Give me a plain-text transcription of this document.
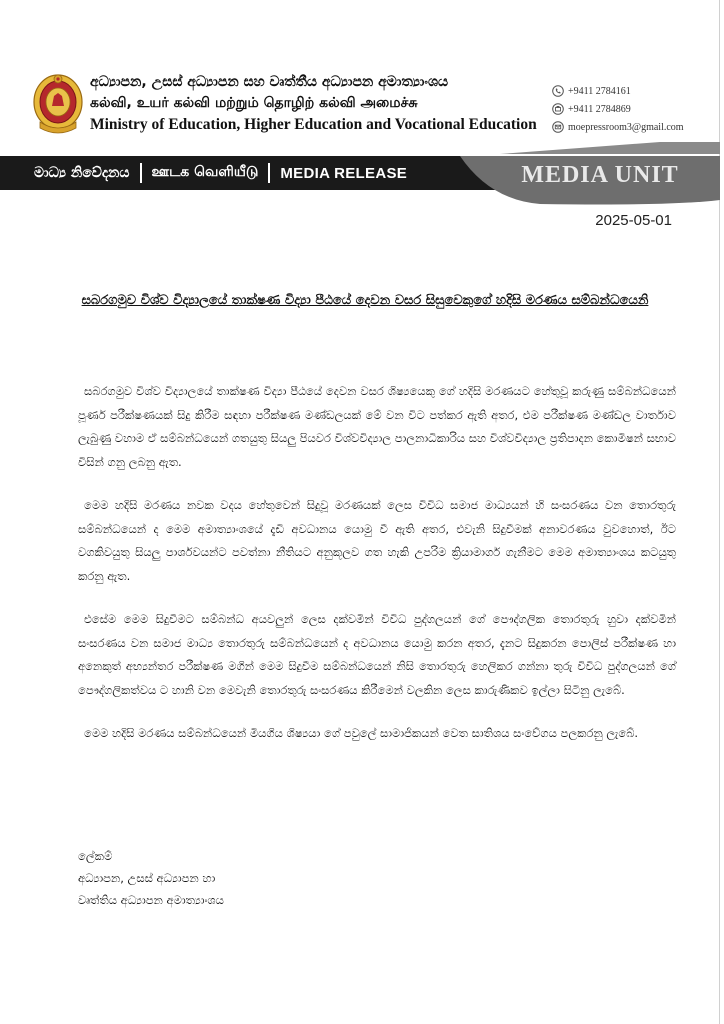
අධ්‍යාපන, උසස් අධ්‍යාපන සහ වෘත්තීය අධ්‍යාපන අමාත්‍යාංශය
கல்வி, உயர் கல்வி மற்றும் தொழிற் கல்வி அமைச்சு
Ministry of Education, Higher Education and Vocational Education
+9411 2784161
+9411 2784869
moepressroom3@gmail.com
මාධ්‍ය නිවේදනය ஊடக வெளியீடு MEDIA RELEASE	MEDIA UNIT
2025-05-01
සබරගමුව විශ්ව විද්‍යාලයේ තාක්ෂණ විද්‍යා පීඨයේ දෙවන වසර සිසුවෙකුගේ හදිසි මරණය සම්බන්ධයෙනි

සබරගමුව විශ්ව විද්‍යාලයේ තාක්ෂණ විද්‍යා පීඨයේ දෙවන වසර ශිෂ්‍යයෙකු ගේ හදිසි මරණයට හේතුවූ කරුණු සම්බන්ධයෙන් පූර්ණ පරීක්ෂණයක් සිදු කිරීම සඳහා පරීක්ෂණ මණ්ඩලයක් මේ වන විට පත්කර ඇති අතර, එම පරීක්ෂණ මණ්ඩල වාර්තාව ලැබුණු වහාම ඒ සම්බන්ධයෙන් ගතයුතු සියලු පියවර විශ්වවිද්‍යාල පාලනාධිකාරිය සහ විශ්වවිද්‍යාල ප්‍රතිපාදන කොමිෂන් සභාව විසින් ගනු ලබනු ඇත.

මෙම හදිසි මරණය නවක වදය හේතුවෙන් සිදුවූ මරණයක් ලෙස විවිධ සමාජ මාධ්‍යයන් හි සංසරණය වන තොරතුරු සම්බන්ධයෙන් ද මෙම අමාත්‍යාංශයේ දැඩි අවධානය යොමු වී ඇති අතර, එවැනි සිදුවීමක් අනාවරණය වුවහොත්, ඊට වගකිවයුතු සියලු පාර්ශවයන්ට පවත්නා නීතියට අනුකූලව ගත හැකි උපරිම ක්‍රියාමාර්ග ගැනීමට මෙම අමාත්‍යාංශය කටයුතු කරනු ඇත.

එසේම මෙම සිදුවීමට සම්බන්ධ අයවලුන් ලෙස දක්වමින් විවිධ පුද්ගලයන් ගේ පෞද්ගලික තොරතුරු හුවා දක්වමින් සංසරණය වන සමාජ මාධ්‍ය තොරතුරු සම්බන්ධයෙන් ද අවධානය යොමු කරන අතර, දැනට සිදුකරන පොලිස් පරීක්ෂණ හා අනෙකුත් අභ්‍යන්තර පරීක්ෂණ මගින් මෙම සිදුවීම සම්බන්ධයෙන් නිසි තොරතුරු හෙලිකර ගන්නා තුරු විවිධ පුද්ගලයන් ගේ පෞද්ගලිකත්වය ට හානි වන මෙවැනි තොරතුරු සංසරණය කිරීමෙන් වලකින ලෙස කාරුණිකව ඉල්ලා සිටිනු ලැබේ.

මෙම හදිසි මරණය සම්බන්ධයෙන් මියගිය ශිෂ්‍යයා ගේ පවුලේ සාමාජිකයන් වෙත සාතිශය සංවේගය පලකරනු ලැබේ.

ලේකම්
අධ්‍යාපන, උසස් අධ්‍යාපන හා
වෘත්තිය අධ්‍යාපන අමාත්‍යාංශය
